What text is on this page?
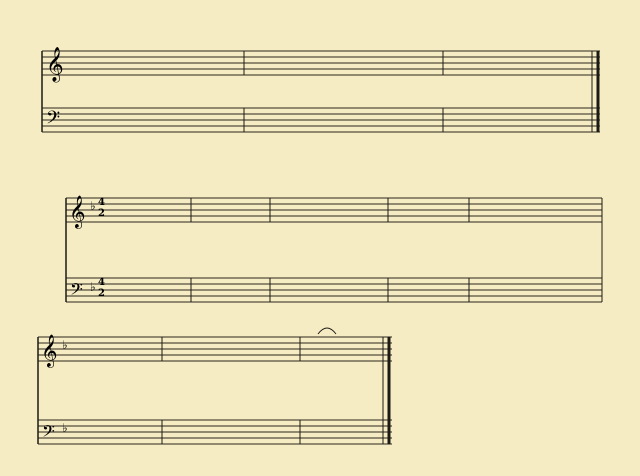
𝄞
𝄢
𝄞
𝄢
♭
♭
4
2
4
2
𝄞
𝄢
♭
♭
